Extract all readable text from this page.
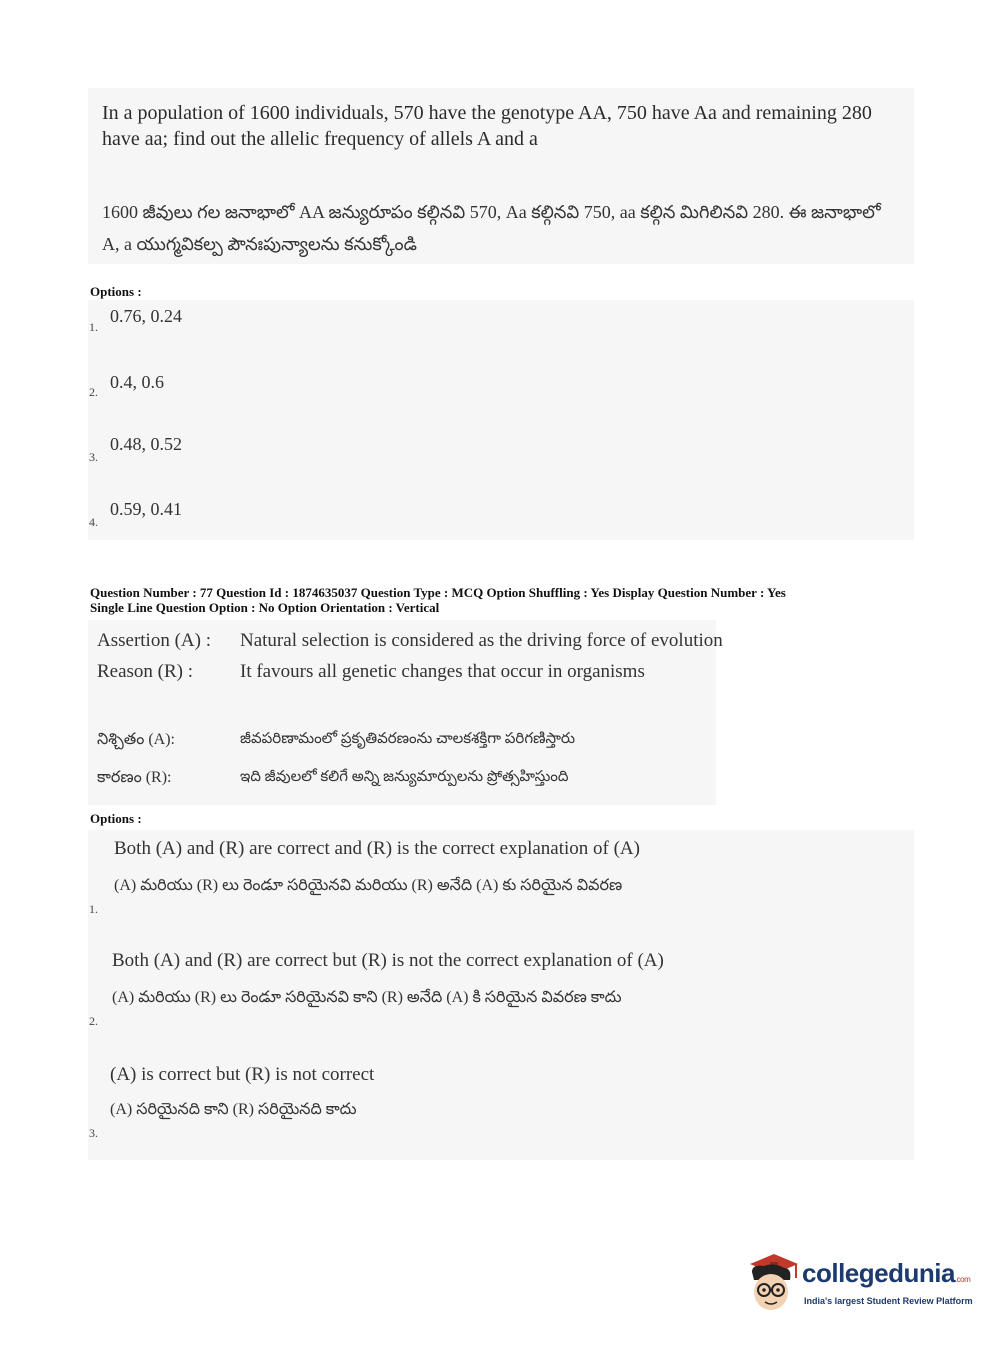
In a population of 1600 individuals, 570 have the genotype AA, 750 have Aa and remaining 280 have aa; find out the allelic frequency of allels A and a
1600 జీవులు గల జనాభాలో AA జన్యురూపం కల్గినవి 570, Aa కల్గినవి 750, aa కల్గిన మిగిలినవి 280. ఈ జనాభాలో A, a యుగ్మవికల్ప పౌనఃపున్యాలను కనుక్కోండి
Options :
1.
0.76, 0.24
2. 0.4, 0.6
3.
0.48, 0.52
4.
0.59, 0.41
Question Number : 77 Question Id : 1874635037 Question Type : MCQ Option Shuffling : Yes Display Question Number : Yes
Single Line Question Option : No Option Orientation : Vertical
Assertion (A) : Natural selection is considered as the driving force of evolution
Reason (R) : It favours all genetic changes that occur in organisms
నిశ్చితం (A):	జీవపరిణామంలో ప్రకృతివరణంను చాలకశక్తిగా పరిగణిస్తారు
కారణం (R):	ఇది జీవులలో కలిగే అన్ని జన్యుమార్పులను ప్రోత్సహిస్తుంది
Options :
Both (A) and (R) are correct and (R) is the correct explanation of (A)
(A) మరియు (R) లు రెండూ సరియైనవి మరియు (R) అనేది (A) కు సరియైన వివరణ
1.
Both (A) and (R) are correct but (R) is not the correct explanation of (A)
(A) మరియు (R) లు రెండూ సరియైనవి కాని (R) అనేది (A) కి సరియైన వివరణ కాదు
2.
(A) is correct but (R) is not correct
(A) సరియైనది కాని (R) సరియైనది కాదు
3.
collegedunia.com
India's largest Student Review Platform
